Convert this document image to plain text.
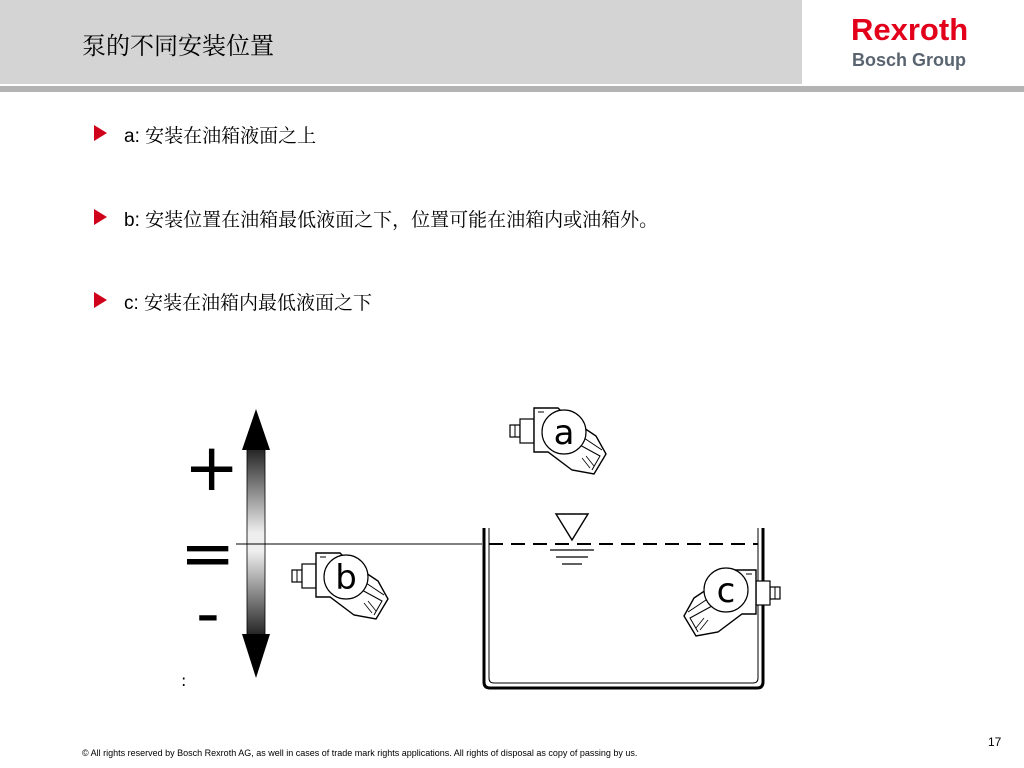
泵的不同安装位置	Rexroth
Bosch Group
a: 安装在油箱液面之上
b: 安装位置在油箱最低液面之下，位置可能在油箱内或油箱外。
c: 安装在油箱内最低液面之下
+
=
-
:
a
b	c
© All rights reserved by Bosch Rexroth AG, as well in cases of trade mark rights applications. All rights of disposal as copy of passing by us.
17
